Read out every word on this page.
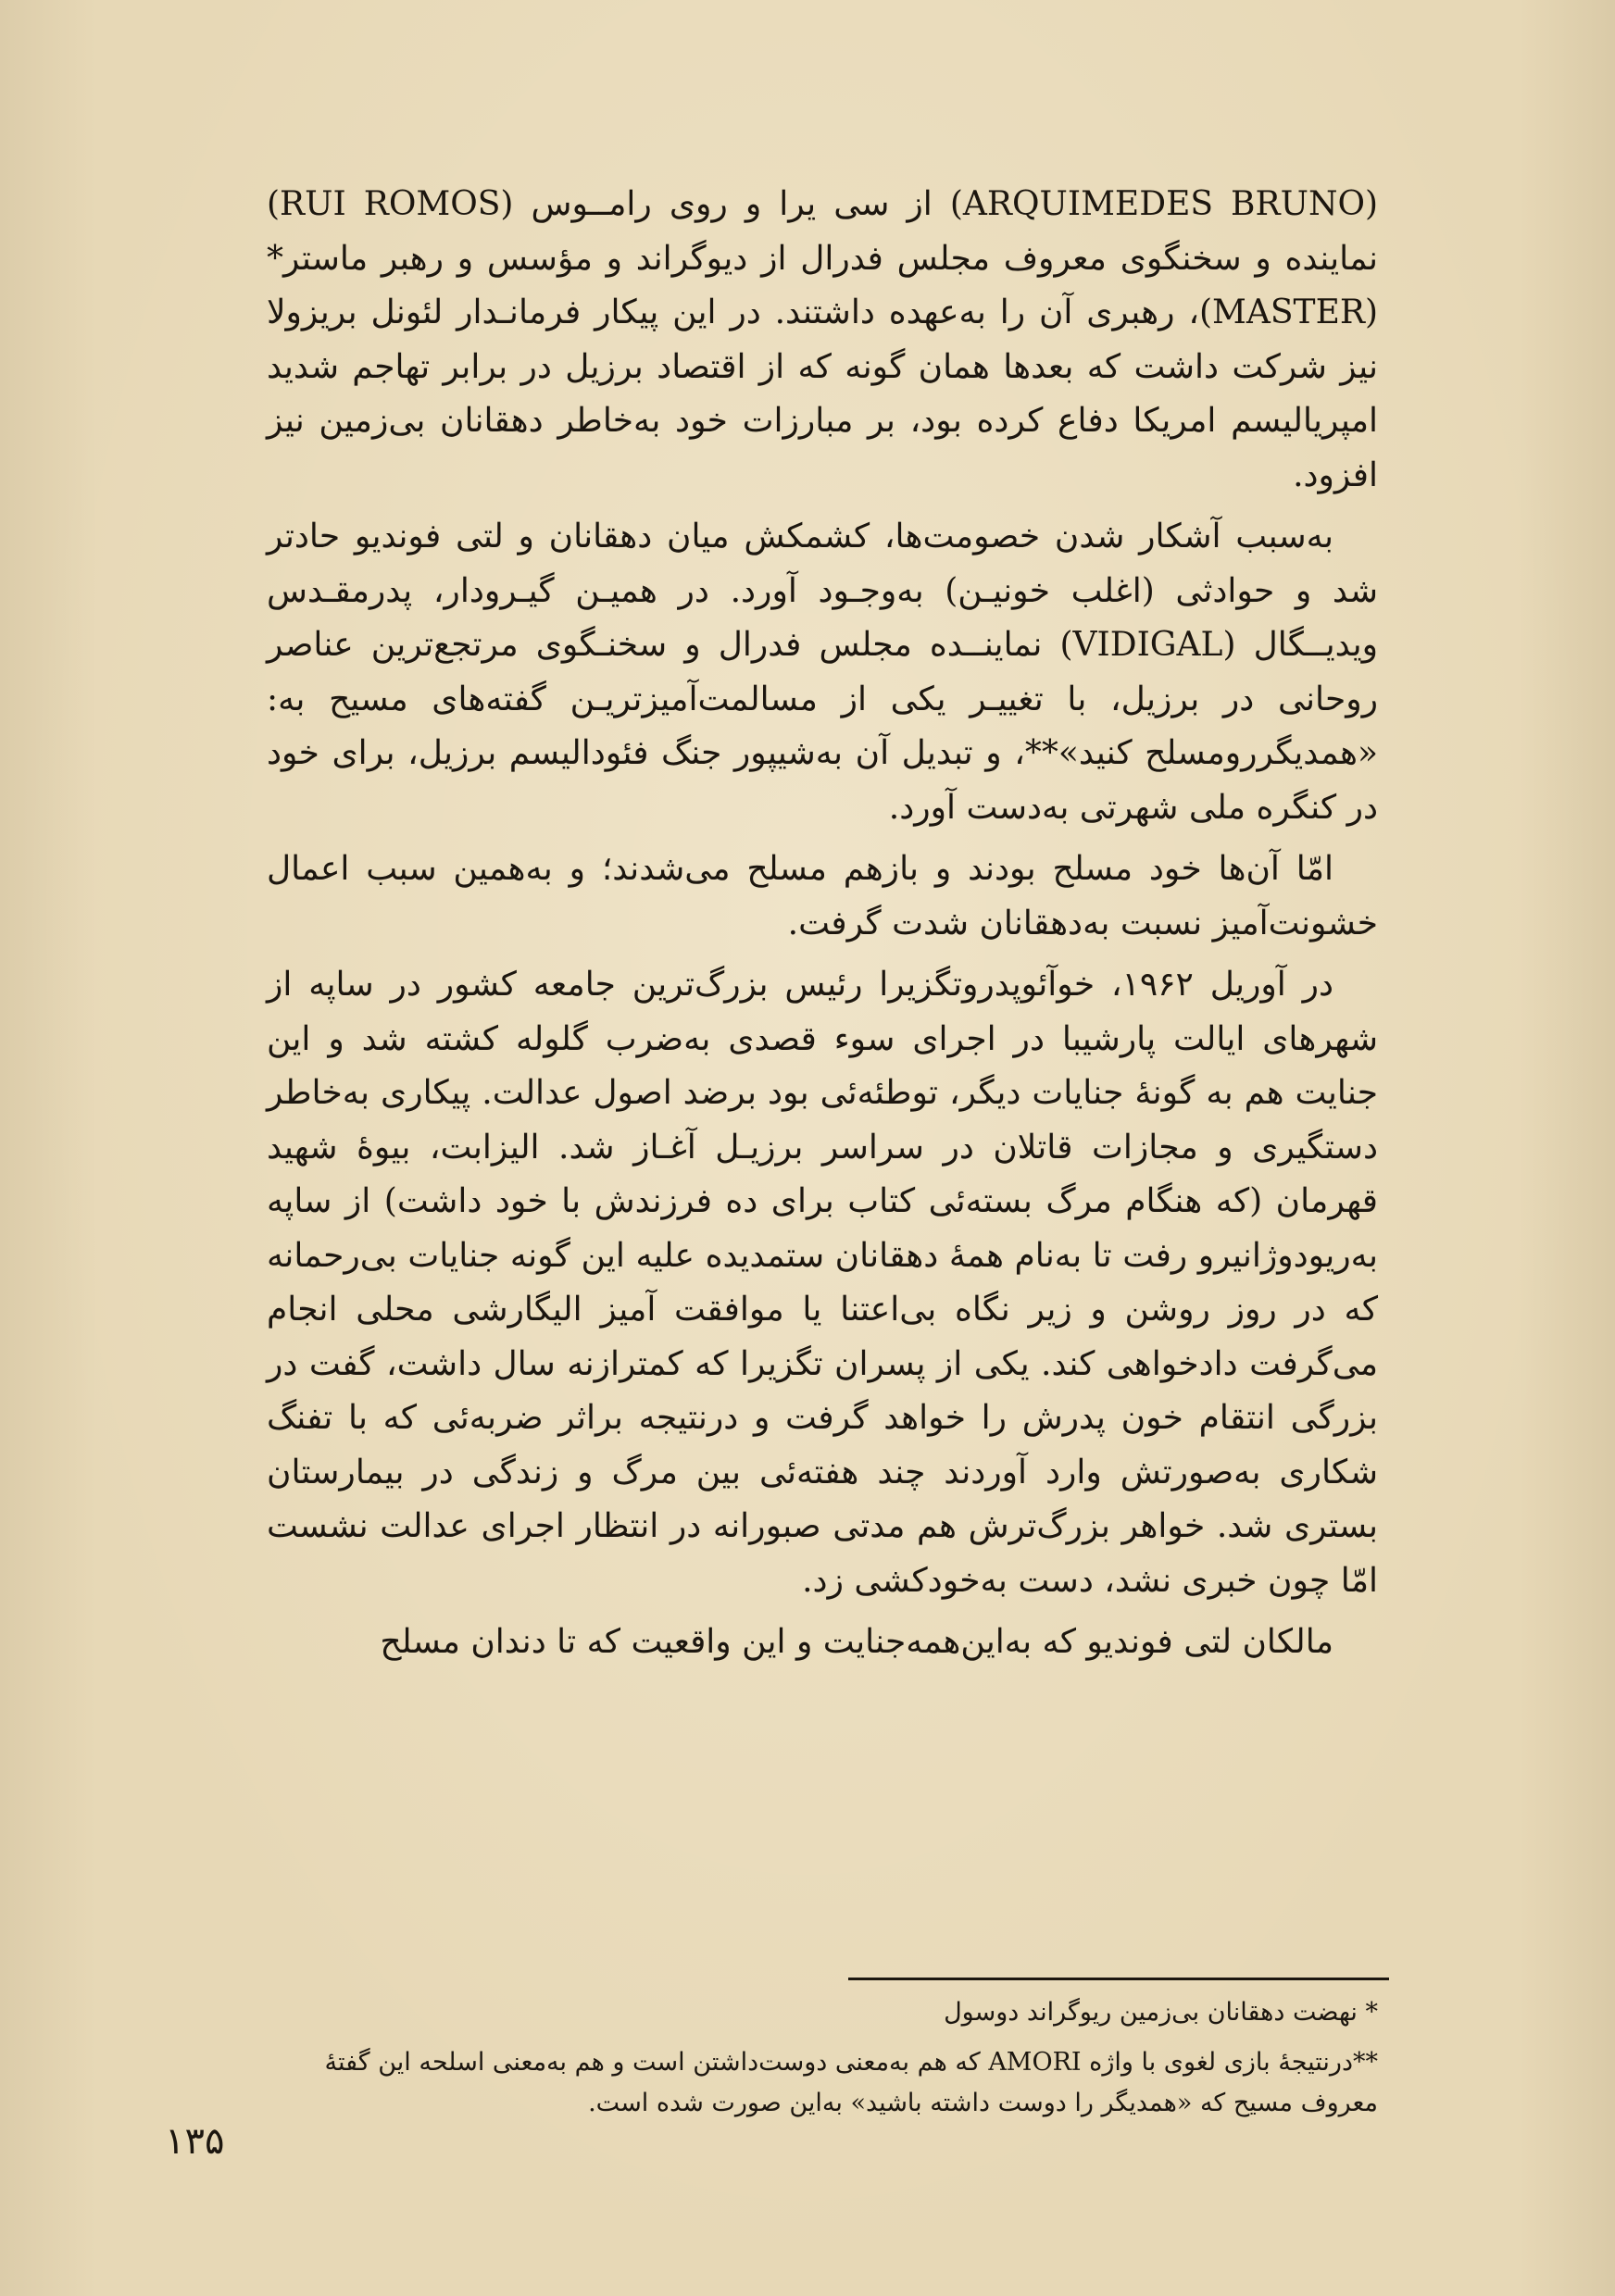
(ARQUIMEDES BRUNO) از سی یرا و روی رامــوس (RUI ROMOS) نماینده و سخنگوی معروف مجلس فدرال از دیوگراند و مؤسس و رهبر ماستر*(MASTER)، رهبری آن را به‌عهده داشتند. در این پیکار فرمانـدار لئونل بریزولا نیز شرکت داشت که بعدها همان گونه که از اقتصاد برزیل در برابر تهاجم شدید امپریالیسم امریکا دفاع کرده بود، بر مبارزات خود به‌خاطر دهقانان بی‌زمین نیز افزود.

به‌سبب آشکار شدن خصومت‌ها، کشمکش میان دهقانان و لتی فوندیو حادتر شد و حوادثی (اغلب خونیـن) به‌وجـود آورد. در همیـن گیـرودار، پدرمقـدس ویدیــگال (VIDIGAL) نماینــده مجلس فدرال و سخنـگوی مرتجع‌ترین عناصر روحانی در برزیل، با تغییـر یکی از مسالمت‌آمیزتریـن گفته‌های مسیح به: «همدیگرر‌ومسلح کنید»**، و تبدیل آن به‌شیپور جنگ فئودالیسم برزیل، برای خود در کنگره ملی شهرتی به‌دست آورد.

امّا آن‌ها خود مسلح بودند و بازهم مسلح می‌شدند؛ و به‌همین سبب اعمال خشونت‌آمیز نسبت به‌دهقانان شدت گرفت.

در آوریل ۱۹۶۲، خوآئوپدروتگزیرا رئیس بزرگ‌ترین جامعه کشور در ساپه از شهرهای ایالت پارشیبا در اجرای سوء قصدی به‌ضرب گلوله کشته شد و این جنایت هم به گونهٔ جنایات دیگر، توطئه‌ئی بود برضد اصول عدالت. پیکاری به‌خاطر دستگیری و مجازات قاتلان در سراسر برزیـل آغـاز شد. الیزابت، بیوهٔ شهید قهرمان (که هنگام مرگ بسته‌ئی کتاب برای ده فرزندش با خود داشت) از ساپه به‌ریودوژانیرو رفت تا به‌نام همهٔ دهقانان ستمدیده علیه این گونه جنایات بی‌رحمانه که در روز روشن و زیر نگاه بی‌اعتنا یا موافقت آمیز الیگارشی محلی انجام می‌گرفت دادخواهی کند. یکی از پسران تگزیرا که کمترازنه سال داشت، گفت در بزرگی انتقام خون پدرش را خواهد گرفت و درنتیجه براثر ضربه‌ئی که با تفنگ شکاری به‌صورتش وارد آوردند چند هفته‌ئی بین مرگ و زندگی در بیمارستان بستری شد. خواهر بزرگ‌ترش هم مدتی صبورانه در انتظار اجرای عدالت نشست امّا چون خبری نشد، دست به‌خودکشی زد.

مالکان لتی فوندیو که به‌این‌همه‌جنایت و این واقعیت که تا دندان مسلح

* نهضت دهقانان بی‌زمین ریوگراند دوسول

**درنتیجهٔ بازی لغوی با واژه AMORI که هم به‌معنی دوست‌داشتن است و هم به‌معنی اسلحه این گفتهٔ معروف مسیح که «همدیگر را دوست داشته باشید» به‌این صورت شده است.

۱۳۵
